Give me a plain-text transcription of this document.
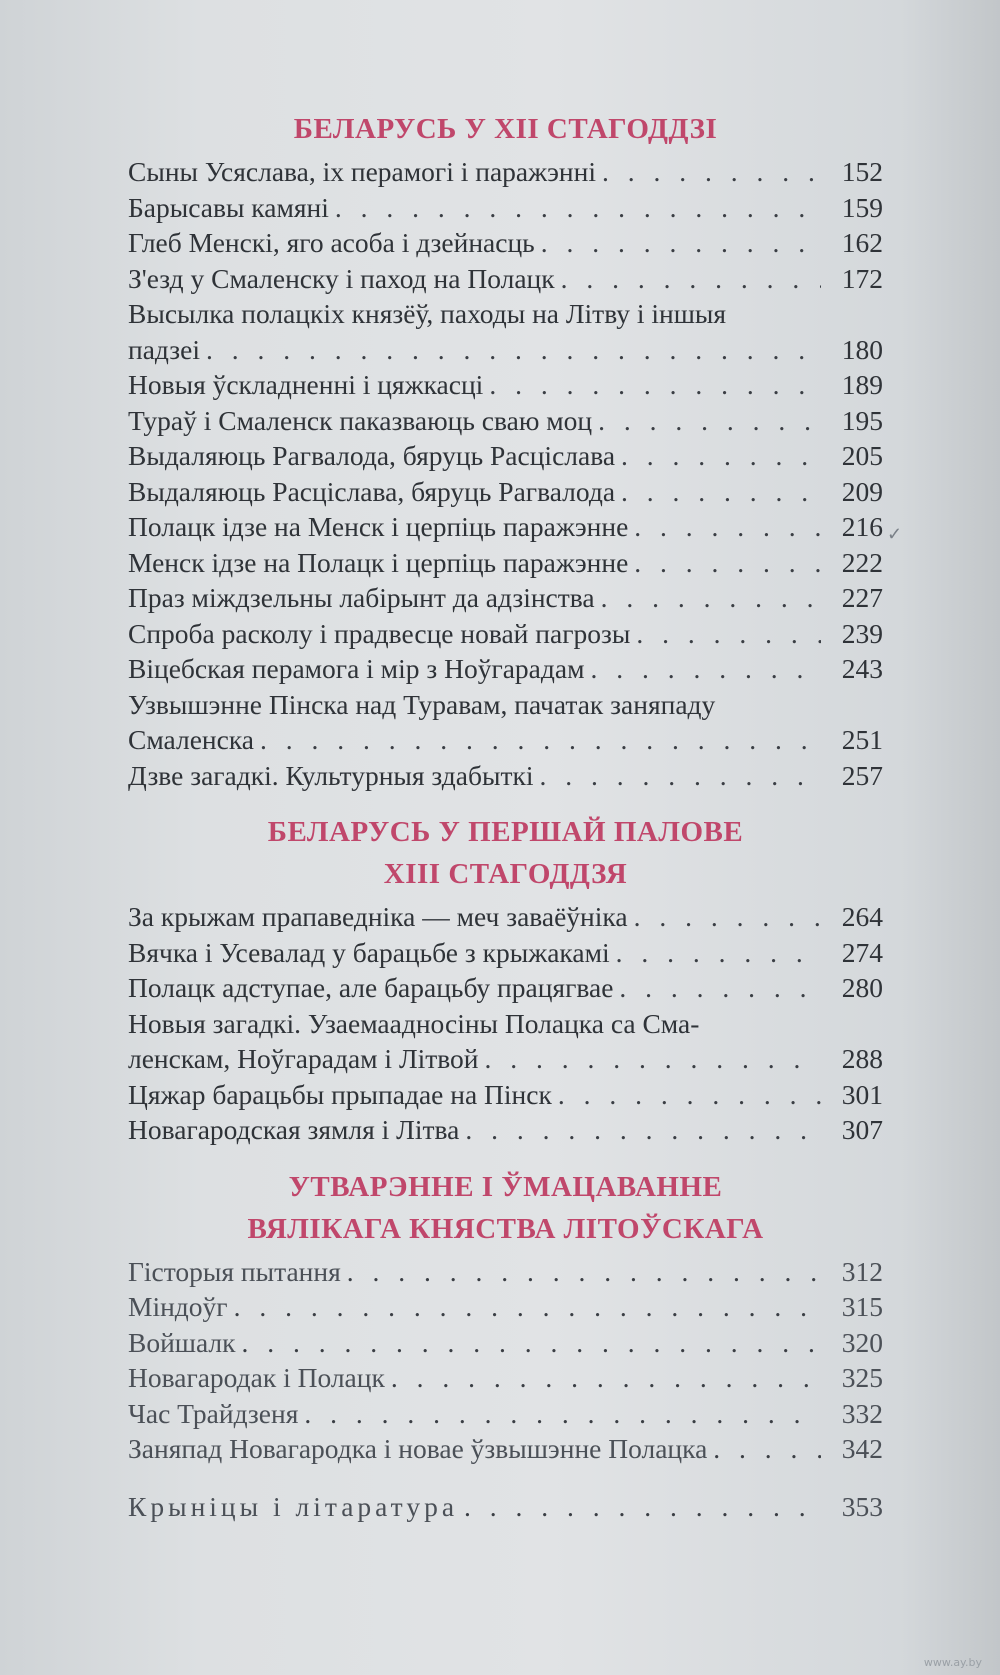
БЕЛАРУСЬ У ХІІ СТАГОДДЗІ
Сыны Усяслава, іх перамогі і паражэнні . . .	152
Барысавы камяні . . .	159
Глеб Менскі, яго асоба і дзейнасць . . .	162
З'езд у Смаленску і паход на Полацк . . .	172
Высылка полацкіх князёў, паходы на Літву і іншыя
падзеі . . .	180
Новыя ўскладненні і цяжкасці . . .	189
Тураў і Смаленск паказваюць сваю моц . . .	195
Выдаляюць Рагвалода, бяруць Расціслава . . .	205
Выдаляюць Расціслава, бяруць Рагвалода . . .	209
Полацк ідзе на Менск і церпіць паражэнне . . .	216
Менск ідзе на Полацк і церпіць паражэнне . . .	222
Праз міждзельны лабірынт да адзінства . . .	227
Спроба расколу і прадвесце новай пагрозы . . .	239
Віцебская перамога і мір з Ноўгарадам . . .	243
Узвышэнне Пінска над Туравам, пачатак заняпаду
Смаленска . . .	251
Дзве загадкі. Культурныя здабыткі . . .	257
БЕЛАРУСЬ У ПЕРШАЙ ПАЛОВЕ
ХІІІ СТАГОДДЗЯ
За крыжам прапаведніка — меч заваёўніка . . .	264
Вячка і Усевалад у барацьбе з крыжакамі . . .	274
Полацк адступае, але барацьбу працягвае . . .	280
Новыя загадкі. Узаемаадносіны Полацка са Сма-
ленскам, Ноўгарадам і Літвой . . .	288
Цяжар барацьбы прыпадае на Пінск . . .	301
Новагародская зямля і Літва . . .	307
УТВАРЭННЕ І ЎМАЦАВАННЕ
ВЯЛІКАГА КНЯСТВА ЛІТОЎСКАГА
Гісторыя пытання . . .	312
Міндоўг . . .	315
Войшалк . . .	320
Новагародак і Полацк . . .	325
Час Трайдзеня . . .	332
Заняпад Новагародка і новае ўзвышэнне Полацка . . .	342
Крыніцы і літаратура . . .	353
✓
www.ay.by
